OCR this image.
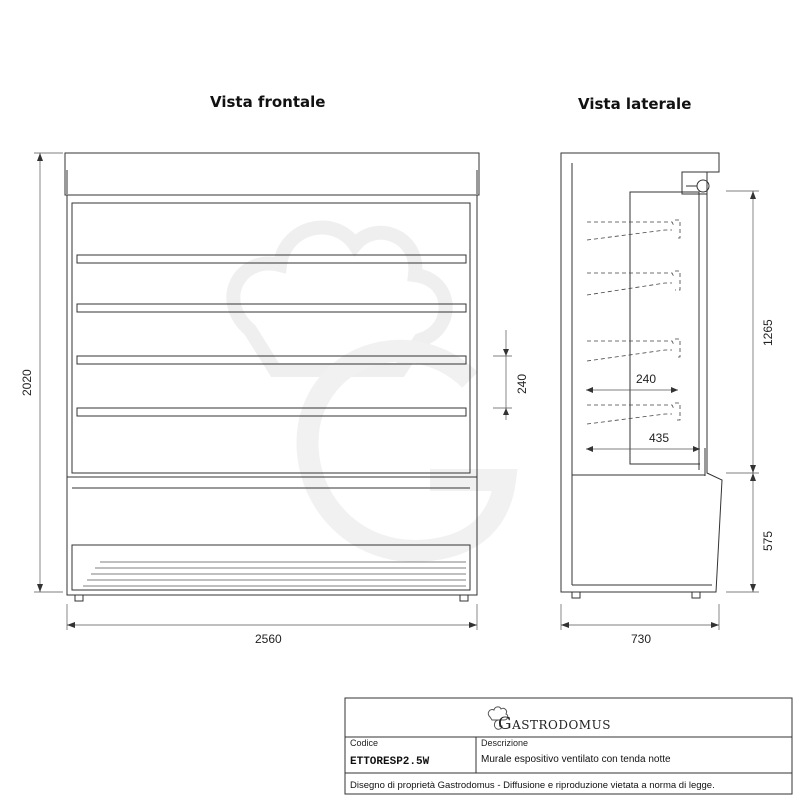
Vista frontale	Vista laterale
2020	240
2560
240
435
1265
575
730
Gastrodomus
Codice
ETTORESP2.5W
Descrizione
Murale espositivo ventilato con tenda notte
Disegno di proprietà Gastrodomus - Diffusione e riproduzione vietata a norma di legge.
